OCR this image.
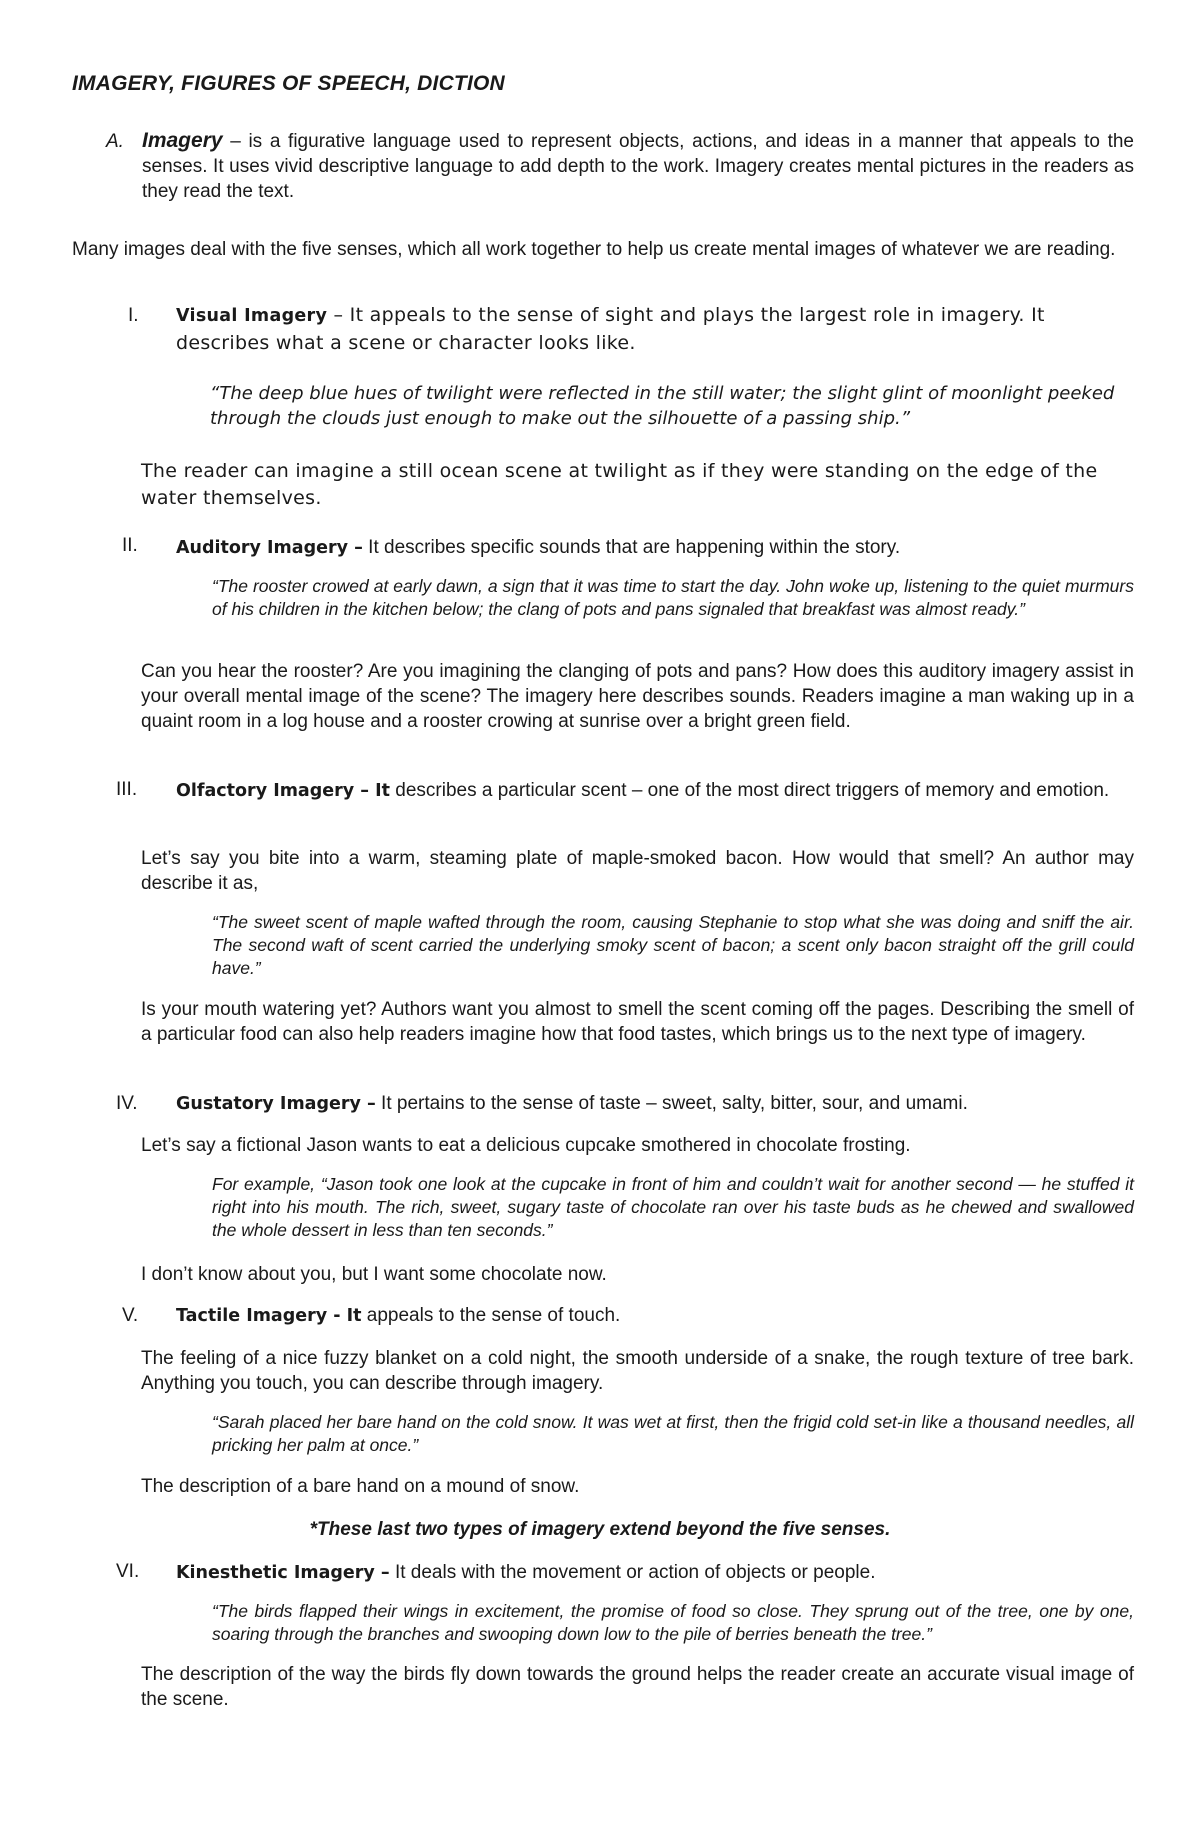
IMAGERY, FIGURES OF SPEECH, DICTION
A. Imagery – is a figurative language used to represent objects, actions, and ideas in a manner that appeals to the senses. It uses vivid descriptive language to add depth to the work. Imagery creates mental pictures in the readers as they read the text.
Many images deal with the five senses, which all work together to help us create mental images of whatever we are reading.
I. Visual Imagery – It appeals to the sense of sight and plays the largest role in imagery. It describes what a scene or character looks like.
“The deep blue hues of twilight were reflected in the still water; the slight glint of moonlight peeked through the clouds just enough to make out the silhouette of a passing ship.”
The reader can imagine a still ocean scene at twilight as if they were standing on the edge of the water themselves.
II. Auditory Imagery – It describes specific sounds that are happening within the story.
“The rooster crowed at early dawn, a sign that it was time to start the day. John woke up, listening to the quiet murmurs of his children in the kitchen below; the clang of pots and pans signaled that breakfast was almost ready.”
Can you hear the rooster? Are you imagining the clanging of pots and pans? How does this auditory imagery assist in your overall mental image of the scene? The imagery here describes sounds. Readers imagine a man waking up in a quaint room in a log house and a rooster crowing at sunrise over a bright green field.
III. Olfactory Imagery – It describes a particular scent – one of the most direct triggers of memory and emotion.
Let’s say you bite into a warm, steaming plate of maple-smoked bacon. How would that smell? An author may describe it as,
“The sweet scent of maple wafted through the room, causing Stephanie to stop what she was doing and sniff the air. The second waft of scent carried the underlying smoky scent of bacon; a scent only bacon straight off the grill could have.”
Is your mouth watering yet? Authors want you almost to smell the scent coming off the pages. Describing the smell of a particular food can also help readers imagine how that food tastes, which brings us to the next type of imagery.
IV. Gustatory Imagery – It pertains to the sense of taste – sweet, salty, bitter, sour, and umami.
Let’s say a fictional Jason wants to eat a delicious cupcake smothered in chocolate frosting.
For example, “Jason took one look at the cupcake in front of him and couldn’t wait for another second — he stuffed it right into his mouth. The rich, sweet, sugary taste of chocolate ran over his taste buds as he chewed and swallowed the whole dessert in less than ten seconds.”
I don’t know about you, but I want some chocolate now.
V. Tactile Imagery - It appeals to the sense of touch.
The feeling of a nice fuzzy blanket on a cold night, the smooth underside of a snake, the rough texture of tree bark. Anything you touch, you can describe through imagery.
“Sarah placed her bare hand on the cold snow. It was wet at first, then the frigid cold set-in like a thousand needles, all pricking her palm at once.”
The description of a bare hand on a mound of snow.
*These last two types of imagery extend beyond the five senses.
VI. Kinesthetic Imagery – It deals with the movement or action of objects or people.
“The birds flapped their wings in excitement, the promise of food so close. They sprung out of the tree, one by one, soaring through the branches and swooping down low to the pile of berries beneath the tree.”
The description of the way the birds fly down towards the ground helps the reader create an accurate visual image of the scene.
